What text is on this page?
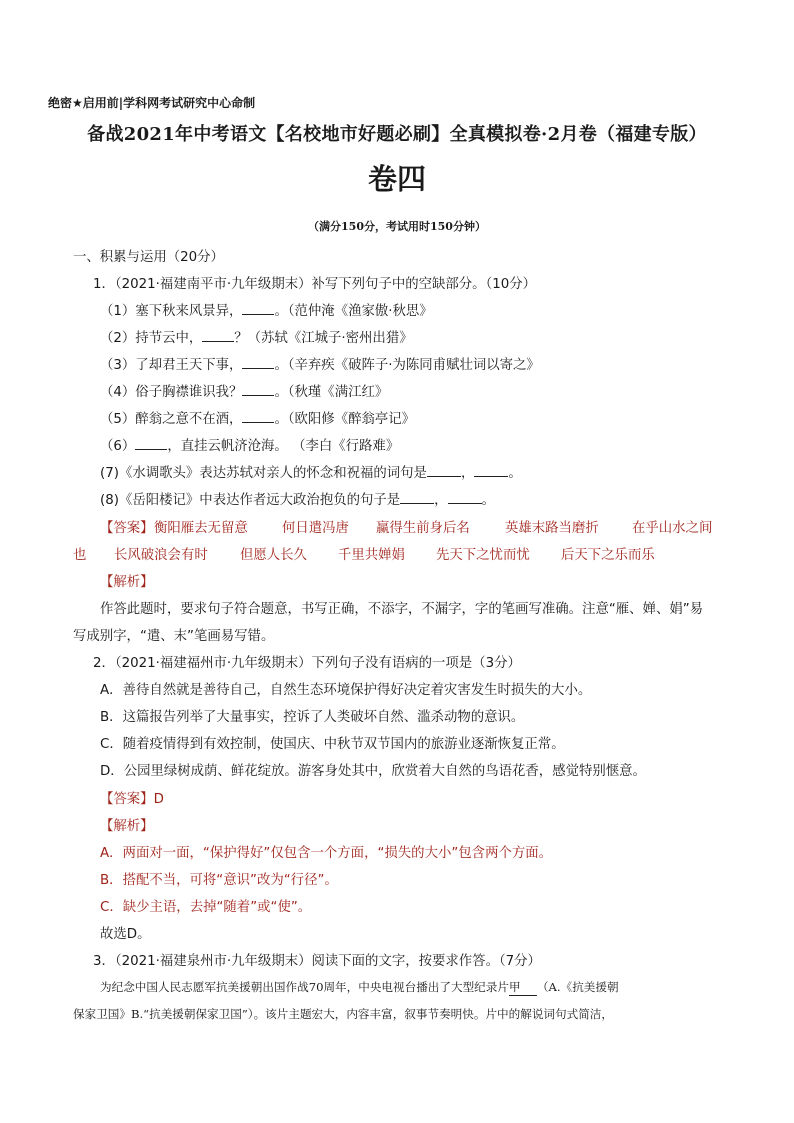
绝密★启用前|学科网考试研究中心命制
备战2021年中考语文【名校地市好题必刷】全真模拟卷·2月卷（福建专版）
卷四
（满分150分，考试用时150分钟）
一、积累与运用（20分）
1．（2021·福建南平市·九年级期末）补写下列句子中的空缺部分。（10分）
（1）塞下秋来风景异， 。（范仲淹《渔家傲·秋思》
（2）持节云中， ？（苏轼《江城子·密州出猎》
（3）了却君王天下事， 。（辛弃疾《破阵子·为陈同甫赋壮词以寄之》
（4）俗子胸襟谁识我？ 。（秋瑾《满江红》
（5）醉翁之意不在酒， 。（欧阳修《醉翁亭记》
（6） ，直挂云帆济沧海。 （李白《行路难》
(7)《水调歌头》表达苏轼对亲人的怀念和祝福的词句是	，	。
(8)《岳阳楼记》中表达作者远大政治抱负的句子是	，	。
【答案】 衡阳雁去无留意	何日遣冯唐 赢得生前身后名	英雄末路当磨折 在乎山水之间
也 长风破浪会有时 但愿人长久 千里共婵娟 先天下之忧而忧 后天下之乐而乐
【解析】
作答此题时，要求句子符合题意，书写正确，不添字，不漏字，字的笔画写准确。注意“雁、婵、娟”易
写成别字，“遣、末”笔画易写错。
2．（2021·福建福州市·九年级期末）下列句子没有语病的一项是（3分）
A．善待自然就是善待自己，自然生态环境保护得好决定着灾害发生时损失的大小。
B．这篇报告列举了大量事实，控诉了人类破坏自然、滥杀动物的意识。
C．随着疫情得到有效控制，使国庆、中秋节双节国内的旅游业逐渐恢复正常。
D．公园里绿树成荫、鲜花绽放。游客身处其中，欣赏着大自然的鸟语花香，感觉特别惬意。
【答案】D
【解析】
A．两面对一面，“保护得好”仅包含一个方面，“损失的大小”包含两个方面。
B．搭配不当，可将“意识”改为“行径”。
C．缺少主语，去掉“随着”或“使”。
故选D。
3．（2021·福建泉州市·九年级期末）阅读下面的文字，按要求作答。（7分）
为纪念中国人民志愿军抗美援朝出国作战70周年，中央电视台播出了大型纪录片甲 （A.《抗美援朝
保家卫国》B.“抗美援朝保家卫国”）。该片主题宏大，内容丰富，叙事节奏明快。片中的解说词句式简洁，
